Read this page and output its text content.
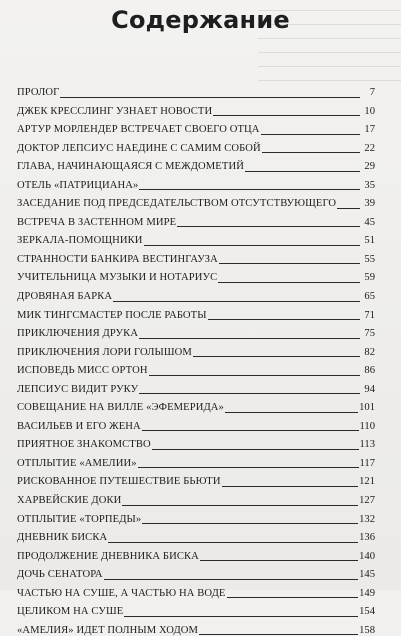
Содержание
ПРОЛОГ	7
ДЖЕК КРЕССЛИНГ УЗНАЕТ НОВОСТИ	10
АРТУР МОРЛЕНДЕР ВСТРЕЧАЕТ СВОЕГО ОТЦА	17
ДОКТОР ЛЕПСИУС НАЕДИНЕ С САМИМ СОБОЙ	22
ГЛАВА, НАЧИНАЮЩАЯСЯ С МЕЖДОМЕТИЙ	29
ОТЕЛЬ «ПАТРИЦИАНА»	35
ЗАСЕДАНИЕ ПОД ПРЕДСЕДАТЕЛЬСТВОМ ОТСУТСТВУЮЩЕГО	39
ВСТРЕЧА В ЗАСТЕННОМ МИРЕ	45
ЗЕРКАЛА-ПОМОЩНИКИ	51
СТРАННОСТИ БАНКИРА ВЕСТИНГАУЗА	55
УЧИТЕЛЬНИЦА МУЗЫКИ И НОТАРИУС	59
ДРОВЯНАЯ БАРКА	65
МИК ТИНГСМАСТЕР ПОСЛЕ РАБОТЫ	71
ПРИКЛЮЧЕНИЯ ДРУКА	75
ПРИКЛЮЧЕНИЯ ЛОРИ ГОЛЫШОМ	82
ИСПОВЕДЬ МИСС ОРТОН	86
ЛЕПСИУС ВИДИТ РУКУ	94
СОВЕЩАНИЕ НА ВИЛЛЕ «ЭФЕМЕРИДА»	101
ВАСИЛЬЕВ И ЕГО ЖЕНА	110
ПРИЯТНОЕ ЗНАКОМСТВО	113
ОТПЛЫТИЕ «АМЕЛИИ»	117
РИСКОВАННОЕ ПУТЕШЕСТВИЕ БЬЮТИ	121
ХАРВЕЙСКИЕ ДОКИ	127
ОТПЛЫТИЕ «ТОРПЕДЫ»	132
ДНЕВНИК БИСКА	136
ПРОДОЛЖЕНИЕ ДНЕВНИКА БИСКА	140
ДОЧЬ СЕНАТОРА	145
ЧАСТЬЮ НА СУШЕ, А ЧАСТЬЮ НА ВОДЕ	149
ЦЕЛИКОМ НА СУШЕ	154
«АМЕЛИЯ» ИДЕТ ПОЛНЫМ ХОДОМ	158
